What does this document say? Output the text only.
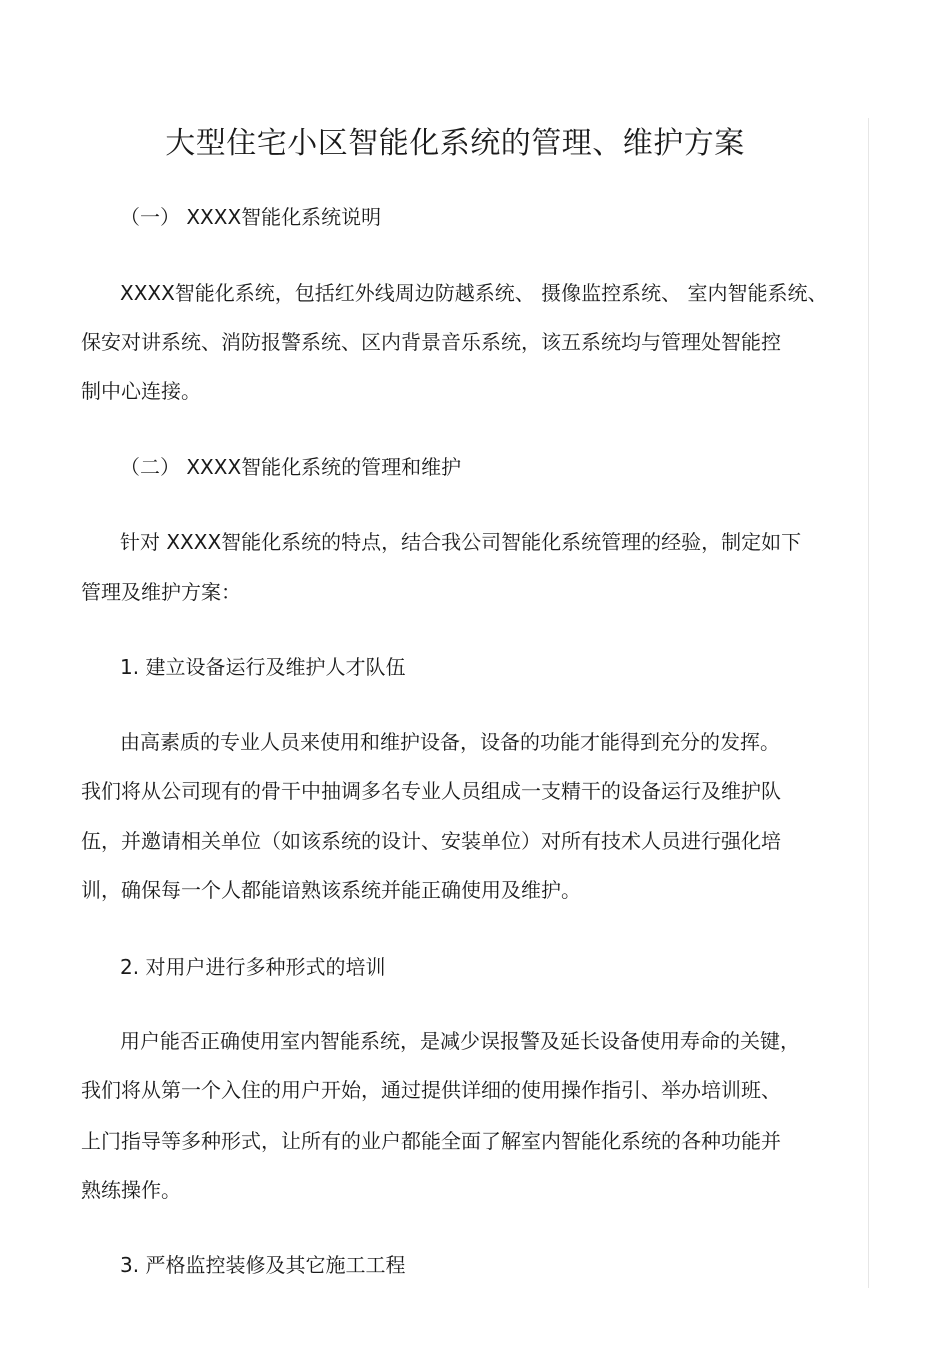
大型住宅小区智能化系统的管理、维护方案
（一） XXXX智能化系统说明
XXXX智能化系统，包括红外线周边防越系统、 摄像监控系统、 室内智能系统、
保安对讲系统、消防报警系统、区内背景音乐系统，该五系统均与管理处智能控
制中心连接。
（二） XXXX智能化系统的管理和维护
针对 XXXX智能化系统的特点，结合我公司智能化系统管理的经验，制定如下
管理及维护方案：
1. 建立设备运行及维护人才队伍
由高素质的专业人员来使用和维护设备，设备的功能才能得到充分的发挥。
我们将从公司现有的骨干中抽调多名专业人员组成一支精干的设备运行及维护队
伍，并邀请相关单位（如该系统的设计、安装单位）对所有技术人员进行强化培
训，确保每一个人都能谙熟该系统并能正确使用及维护。
2. 对用户进行多种形式的培训
用户能否正确使用室内智能系统，是减少误报警及延长设备使用寿命的关键，
我们将从第一个入住的用户开始，通过提供详细的使用操作指引、举办培训班、
上门指导等多种形式，让所有的业户都能全面了解室内智能化系统的各种功能并
熟练操作。
3. 严格监控装修及其它施工工程
